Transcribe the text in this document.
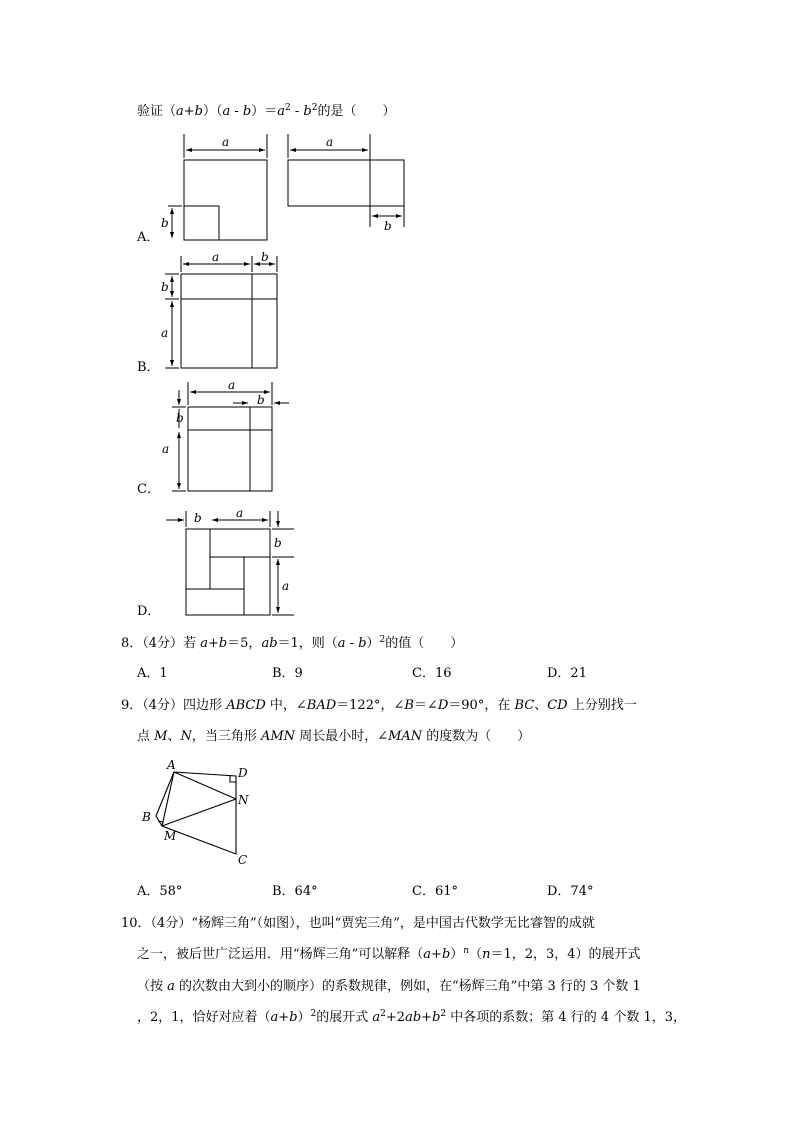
验证$(a+b)(a - b)=a^2 - b^2$的是（　　）
A．
a
b
a
b
B．
a	b
b
a
C．
a
b
b
a
D．
b	a
b
a
8．（4分）若 a+b＝5，ab＝1，则（a - b）$^2$的值（　　）
A．1	B．9	C．16	D．21
9．（4分）四边形 ABCD 中，∠BAD＝122°，∠B＝∠D＝90°，在 BC、CD 上分别找一
点 M、N，当三角形 AMN 周长最小时，∠MAN 的度数为（　　）
A
D
N
B
M
C
A．58°	B．64°	C．61°	D．74°
10．（4分）“杨辉三角”（如图），也叫“贾宪三角”，是中国古代数学无比睿智的成就
之一，被后世广泛运用．用“杨辉三角”可以解释$(a+b)^n(n=1$，2，3，4）的展开式
（按 a 的次数由大到小的顺序）的系数规律，例如，在“杨辉三角”中第 3 行的 3 个数 1
，2，1，恰好对应着$(a+b)^2$的展开式 $a^2+2ab+b^2$ 中各项的系数；第 4 行的 4 个数 1，3，
